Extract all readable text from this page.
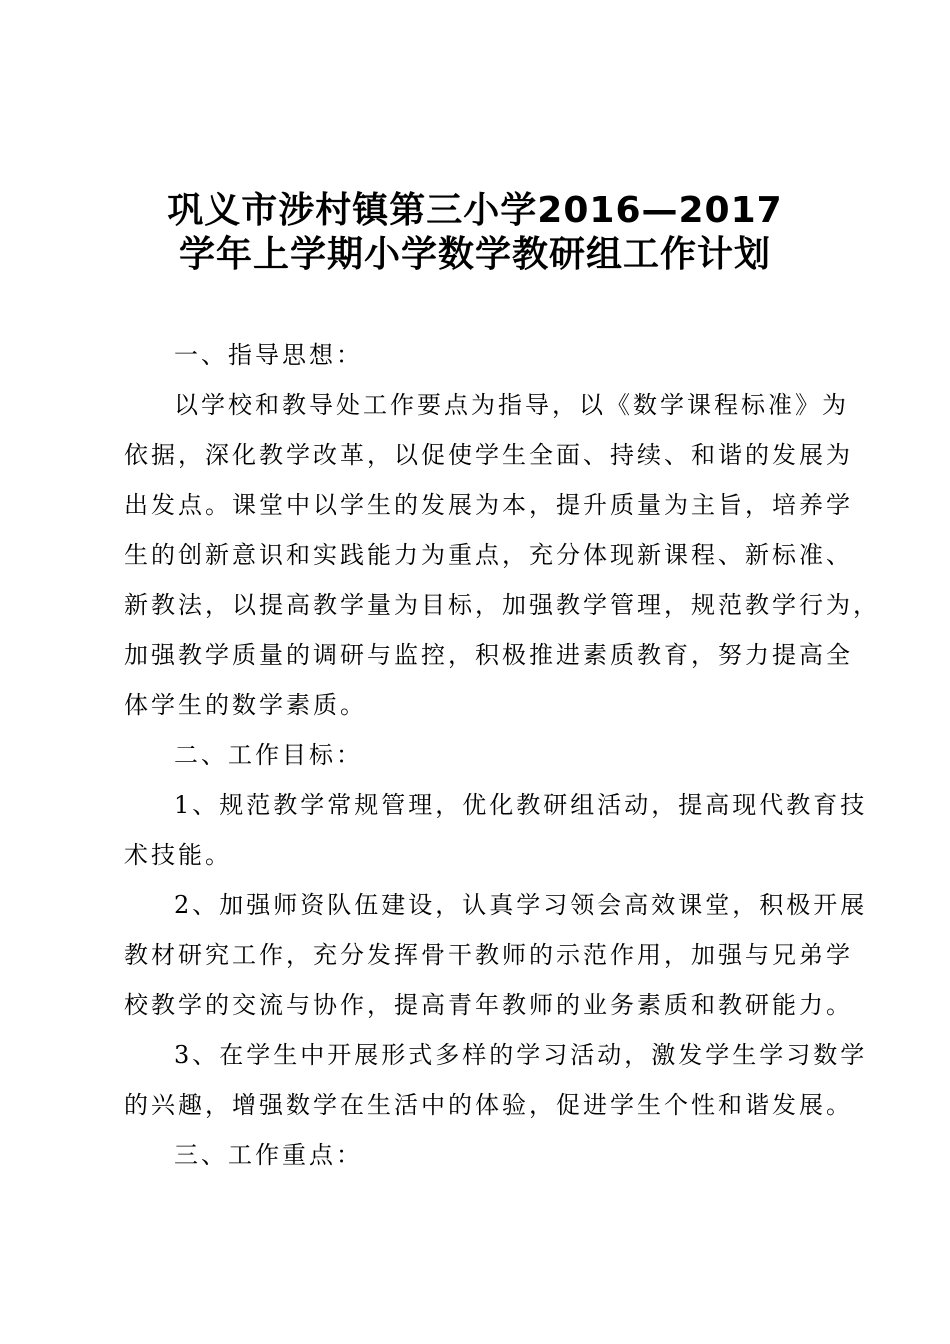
巩义市涉村镇第三小学2016—2017
学年上学期小学数学教研组工作计划
一、指导思想：
以学校和教导处工作要点为指导，以《数学课程标准》为
依据，深化教学改革，以促使学生全面、持续、和谐的发展为
出发点。课堂中以学生的发展为本，提升质量为主旨，培养学
生的创新意识和实践能力为重点，充分体现新课程、新标准、
新教法，以提高教学量为目标，加强教学管理，规范教学行为，
加强教学质量的调研与监控，积极推进素质教育，努力提高全
体学生的数学素质。
二、工作目标：
1、规范教学常规管理，优化教研组活动，提高现代教育技
术技能。
2、加强师资队伍建设，认真学习领会高效课堂，积极开展
教材研究工作，充分发挥骨干教师的示范作用，加强与兄弟学
校教学的交流与协作，提高青年教师的业务素质和教研能力。
3、在学生中开展形式多样的学习活动，激发学生学习数学
的兴趣，增强数学在生活中的体验，促进学生个性和谐发展。
三、工作重点：
